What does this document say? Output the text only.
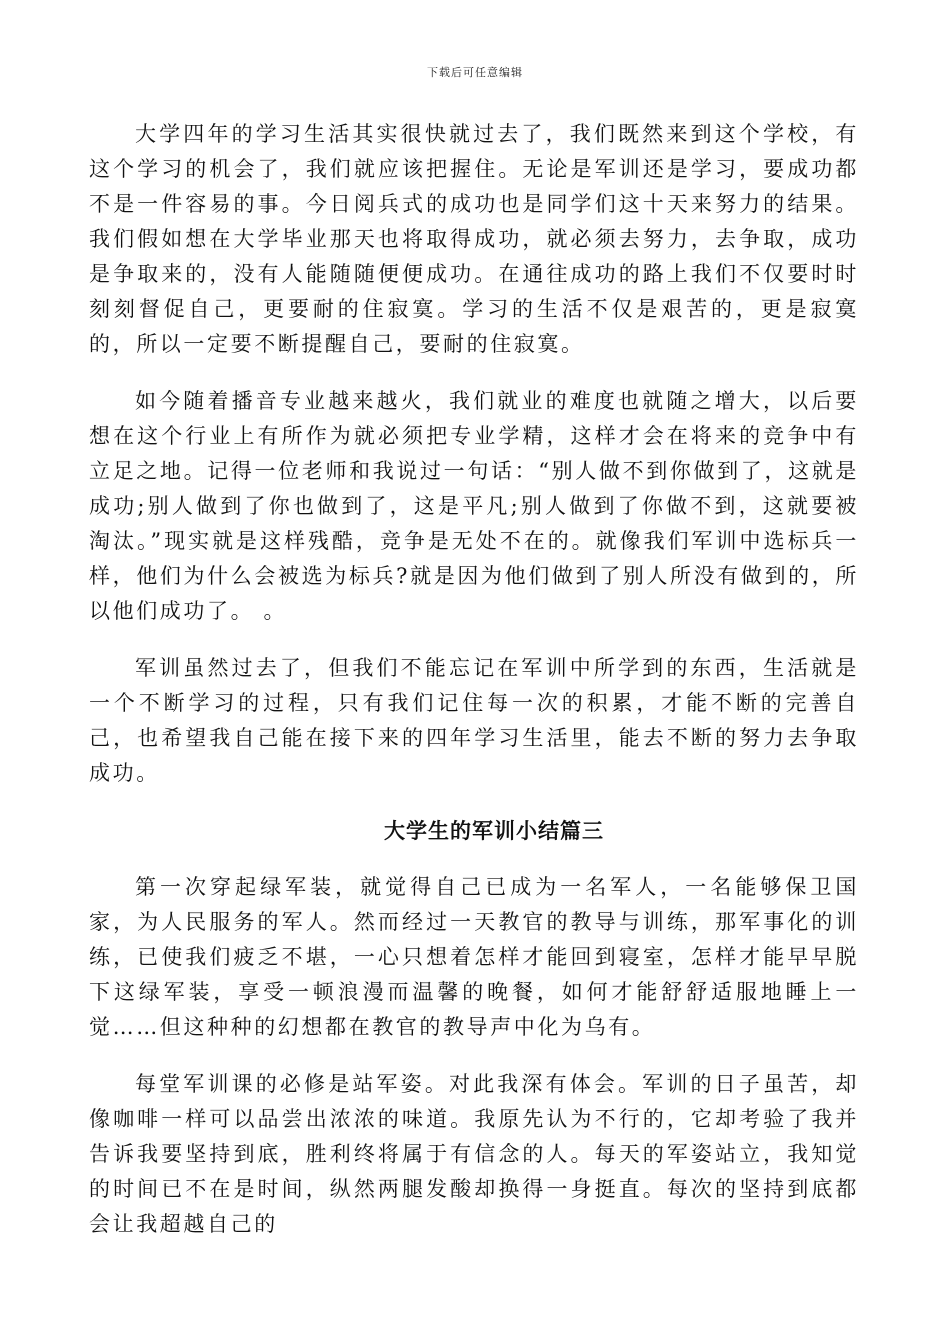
下载后可任意编辑

大学四年的学习生活其实很快就过去了，我们既然来到这个学校，有这个学习的机会了，我们就应该把握住。无论是军训还是学习，要成功都不是一件容易的事。今日阅兵式的成功也是同学们这十天来努力的结果。我们假如想在大学毕业那天也将取得成功，就必须去努力，去争取，成功是争取来的，没有人能随随便便成功。在通往成功的路上我们不仅要时时刻刻督促自己，更要耐的住寂寞。学习的生活不仅是艰苦的，更是寂寞的，所以一定要不断提醒自己，要耐的住寂寞。

如今随着播音专业越来越火，我们就业的难度也就随之增大，以后要想在这个行业上有所作为就必须把专业学精，这样才会在将来的竞争中有立足之地。记得一位老师和我说过一句话：“别人做不到你做到了，这就是成功;别人做到了你也做到了，这是平凡;别人做到了你做不到，这就要被淘汰。”现实就是这样残酷，竞争是无处不在的。就像我们军训中选标兵一样，他们为什么会被选为标兵?就是因为他们做到了别人所没有做到的，所以他们成功了。 。

军训虽然过去了，但我们不能忘记在军训中所学到的东西，生活就是一个不断学习的过程，只有我们记住每一次的积累，才能不断的完善自己，也希望我自己能在接下来的四年学习生活里，能去不断的努力去争取成功。

大学生的军训小结篇三

第一次穿起绿军装，就觉得自己已成为一名军人，一名能够保卫国家，为人民服务的军人。然而经过一天教官的教导与训练，那军事化的训练，已使我们疲乏不堪，一心只想着怎样才能回到寝室，怎样才能早早脱下这绿军装，享受一顿浪漫而温馨的晚餐，如何才能舒舒适服地睡上一觉……但这种种的幻想都在教官的教导声中化为乌有。

每堂军训课的必修是站军姿。对此我深有体会。军训的日子虽苦，却像咖啡一样可以品尝出浓浓的味道。我原先认为不行的，它却考验了我并告诉我要坚持到底，胜利终将属于有信念的人。每天的军姿站立，我知觉的时间已不在是时间，纵然两腿发酸却换得一身挺直。每次的坚持到底都会让我超越自己的
